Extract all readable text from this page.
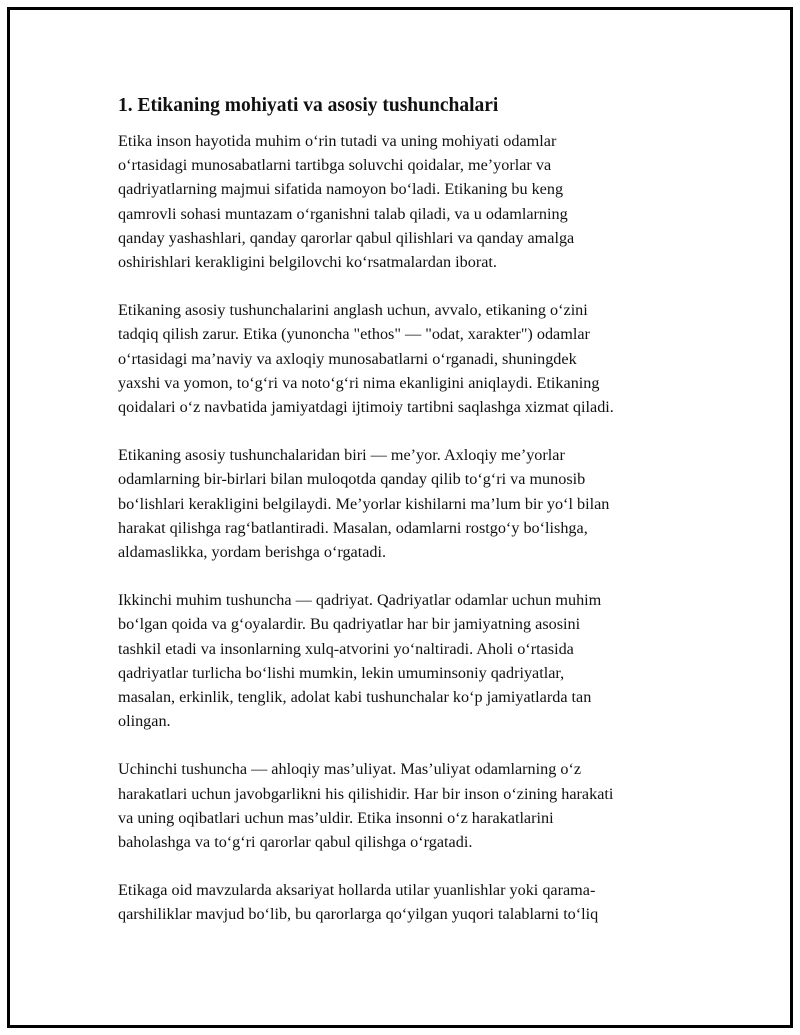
1. Etikaning mohiyati va asosiy tushunchalari

Etika inson hayotida muhim o‘rin tutadi va uning mohiyati odamlar
o‘rtasidagi munosabatlarni tartibga soluvchi qoidalar, me’yorlar va
qadriyatlarning majmui sifatida namoyon bo‘ladi. Etikaning bu keng
qamrovli sohasi muntazam o‘rganishni talab qiladi, va u odamlarning
qanday yashashlari, qanday qarorlar qabul qilishlari va qanday amalga
oshirishlari kerakligini belgilovchi ko‘rsatmalardan iborat.

Etikaning asosiy tushunchalarini anglash uchun, avvalo, etikaning o‘zini
tadqiq qilish zarur. Etika (yunoncha "ethos" — "odat, xarakter") odamlar
o‘rtasidagi ma’naviy va axloqiy munosabatlarni o‘rganadi, shuningdek
yaxshi va yomon, to‘g‘ri va noto‘g‘ri nima ekanligini aniqlaydi. Etikaning
qoidalari o‘z navbatida jamiyatdagi ijtimoiy tartibni saqlashga xizmat qiladi.

Etikaning asosiy tushunchalaridan biri — me’yor. Axloqiy me’yorlar
odamlarning bir-birlari bilan muloqotda qanday qilib to‘g‘ri va munosib
bo‘lishlari kerakligini belgilaydi. Me’yorlar kishilarni ma’lum bir yo‘l bilan
harakat qilishga rag‘batlantiradi. Masalan, odamlarni rostgo‘y bo‘lishga,
aldamaslikka, yordam berishga o‘rgatadi.

Ikkinchi muhim tushuncha — qadriyat. Qadriyatlar odamlar uchun muhim
bo‘lgan qoida va g‘oyalardir. Bu qadriyatlar har bir jamiyatning asosini
tashkil etadi va insonlarning xulq-atvorini yo‘naltiradi. Aholi o‘rtasida
qadriyatlar turlicha bo‘lishi mumkin, lekin umuminsoniy qadriyatlar,
masalan, erkinlik, tenglik, adolat kabi tushunchalar ko‘p jamiyatlarda tan
olingan.

Uchinchi tushuncha — ahloqiy mas’uliyat. Mas’uliyat odamlarning o‘z
harakatlari uchun javobgarlikni his qilishidir. Har bir inson o‘zining harakati
va uning oqibatlari uchun mas’uldir. Etika insonni o‘z harakatlarini
baholashga va to‘g‘ri qarorlar qabul qilishga o‘rgatadi.

Etikaga oid mavzularda aksariyat hollarda utilar yuanlishlar yoki qarama-
qarshiliklar mavjud bo‘lib, bu qarorlarga qo‘yilgan yuqori talablarni to‘liq
